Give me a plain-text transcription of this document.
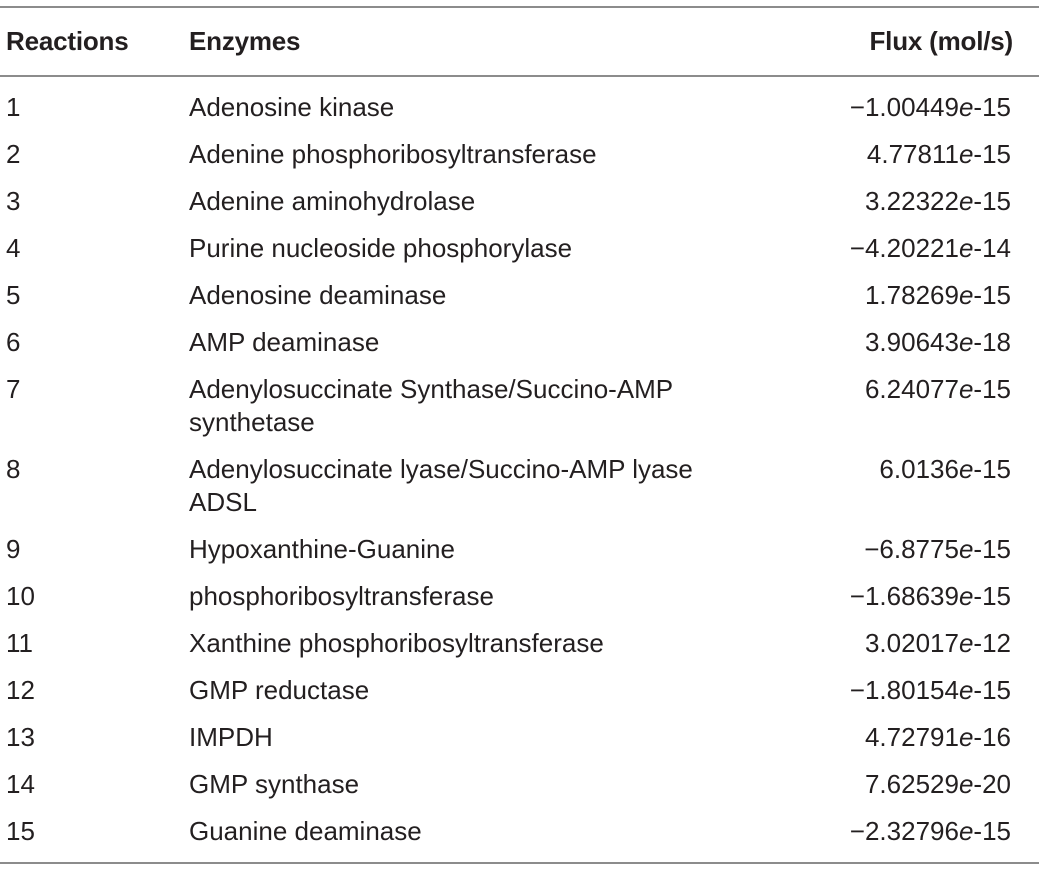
Reactions	Enzymes	Flux (mol/s)
1	Adenosine kinase	−1.00449e-15
2	Adenine phosphoribosyltransferase	4.77811e-15
3	Adenine aminohydrolase	3.22322e-15
4	Purine nucleoside phosphorylase	−4.20221e-14
5	Adenosine deaminase	1.78269e-15
6	AMP deaminase	3.90643e-18
7	Adenylosuccinate Synthase/Succino-AMP synthetase	6.24077e-15
8	Adenylosuccinate lyase/Succino-AMP lyase ADSL	6.0136e-15
9	Hypoxanthine-Guanine	−6.8775e-15
10	phosphoribosyltransferase	−1.68639e-15
11	Xanthine phosphoribosyltransferase	3.02017e-12
12	GMP reductase	−1.80154e-15
13	IMPDH	4.72791e-16
14	GMP synthase	7.62529e-20
15	Guanine deaminase	−2.32796e-15
